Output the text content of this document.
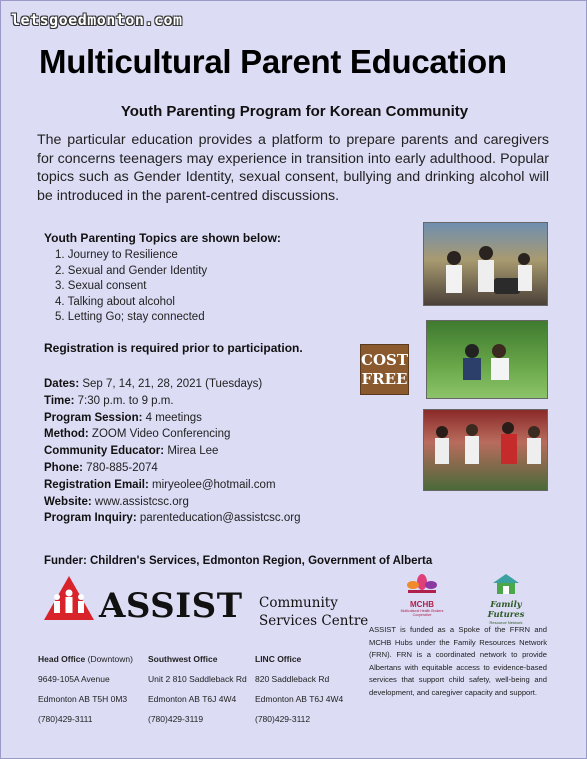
letsgoedmonton.com
Multicultural Parent Education
Youth Parenting Program for Korean Community
The particular education provides a platform to prepare parents and caregivers for concerns teenagers may experience in transition into early adulthood. Popular topics such as Gender Identity, sexual consent, bullying and drinking alcohol will be introduced in the parent-centred discussions.
Youth Parenting Topics are shown below:
1. Journey to Resilience
2. Sexual and Gender Identity
3. Sexual consent
4. Talking about alcohol
5. Letting Go; stay connected
Registration is required prior to participation.
Dates: Sep 7, 14, 21, 28, 2021 (Tuesdays)
Time: 7:30 p.m. to 9 p.m.
Program Session: 4 meetings
Method: ZOOM Video Conferencing
Community Educator: Mirea Lee
Phone: 780-885-2074
Registration Email: miryeolee@hotmail.com
Website: www.assistcsc.org
Program Inquiry: parenteducation@assistcsc.org
COST
FREE
Funder: Children's Services, Edmonton Region, Government of Alberta
ASSIST Community
Services Centre
Head Office (Downtown)
9649-105A Avenue
Edmonton AB T5H 0M3
(780)429-3111
Southwest Office
Unit 2 810 Saddleback Rd
Edmonton AB T6J 4W4
(780)429-3119
LINC Office
820 Saddleback Rd
Edmonton AB T6J 4W4
(780)429-3112
MCHB
Multicultural Health Brokers Cooperative
Family Futures
Resource Network
ASSIST is funded as a Spoke of the FFRN and MCHB Hubs under the Family Resources Network (FRN). FRN is a coordinated network to provide Albertans with equitable access to evidence-based services that support child safety, well-being and development, and caregiver capacity and support.
